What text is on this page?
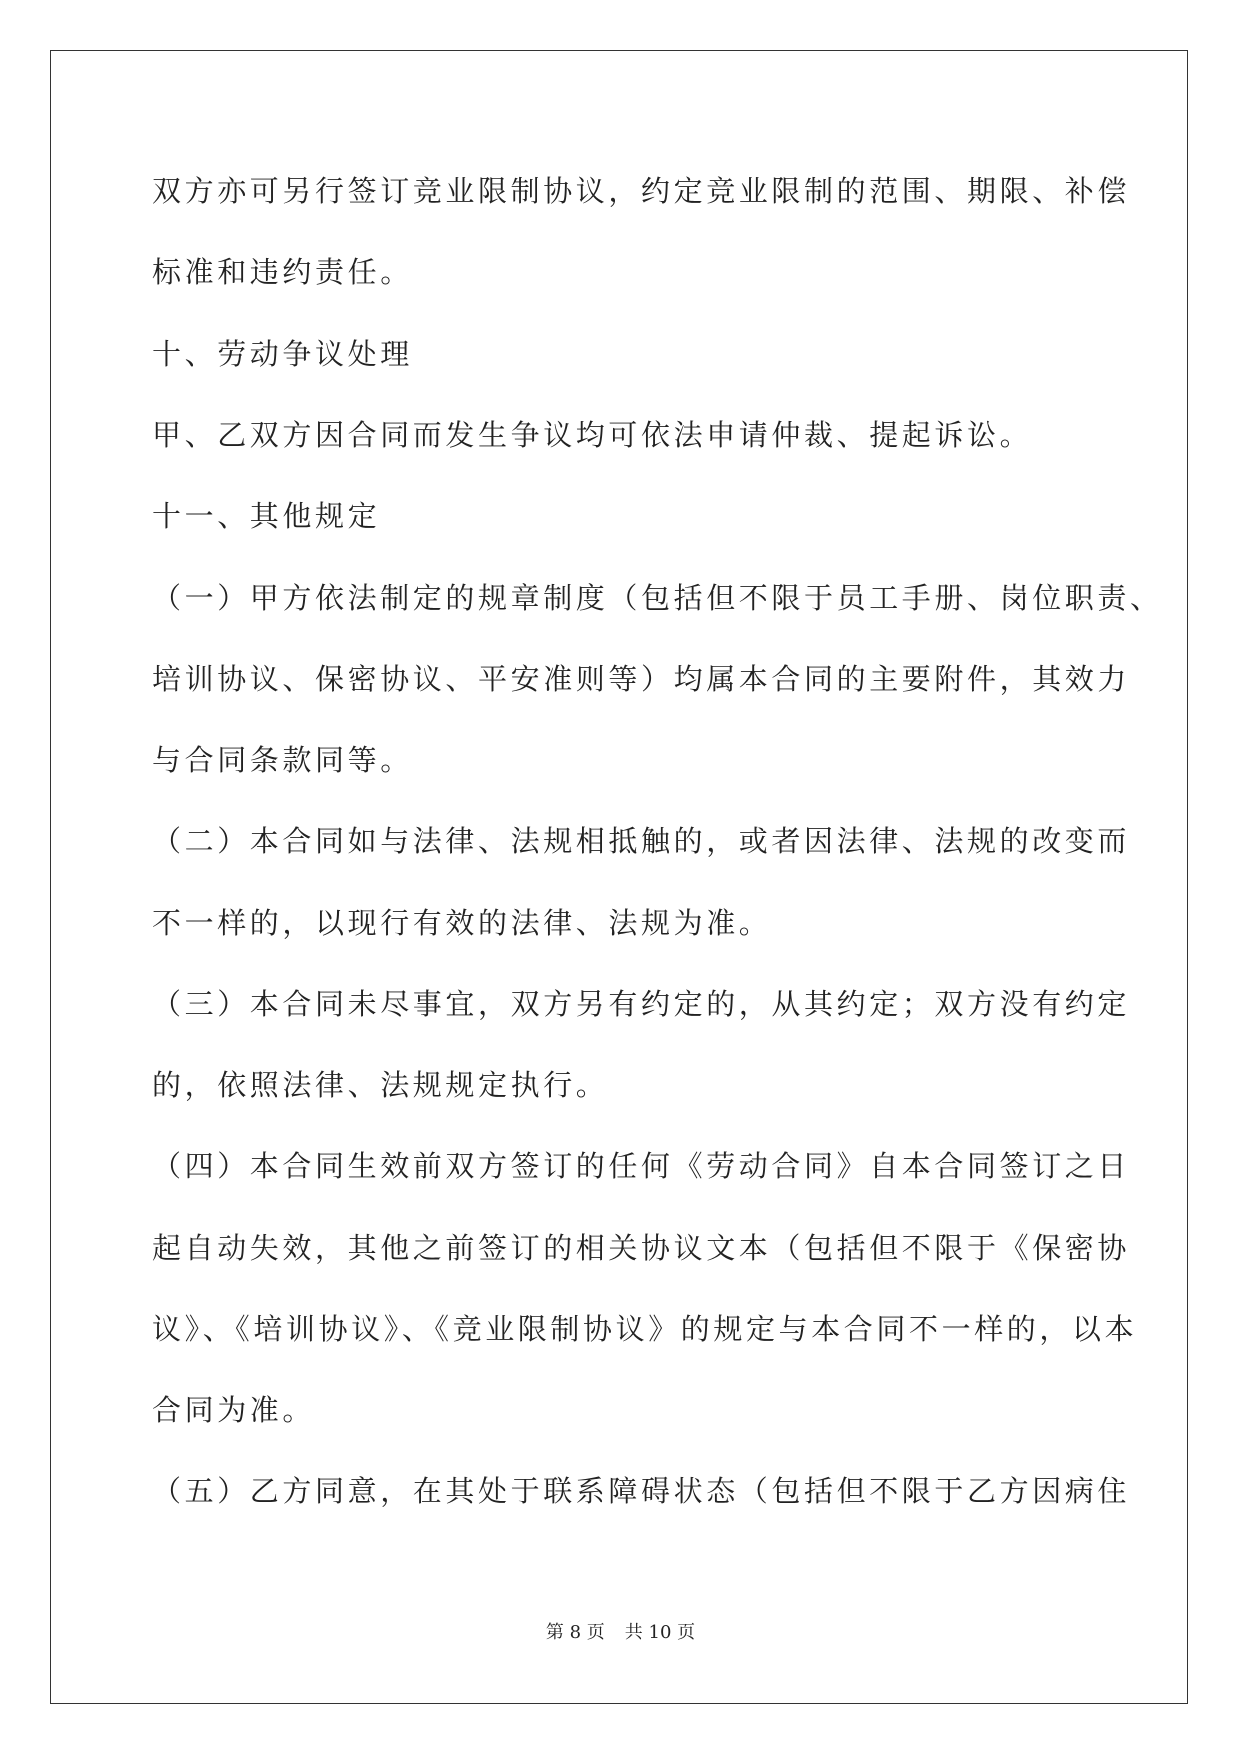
双方亦可另行签订竞业限制协议，约定竞业限制的范围、期限、补偿

标准和违约责任。

十、劳动争议处理

甲、乙双方因合同而发生争议均可依法申请仲裁、提起诉讼。

十一、其他规定

（一）甲方依法制定的规章制度（包括但不限于员工手册、岗位职责、

培训协议、保密协议、平安准则等）均属本合同的主要附件，其效力

与合同条款同等。

（二）本合同如与法律、法规相抵触的，或者因法律、法规的改变而

不一样的，以现行有效的法律、法规为准。

（三）本合同未尽事宜，双方另有约定的，从其约定；双方没有约定

的，依照法律、法规规定执行。

（四）本合同生效前双方签订的任何《劳动合同》自本合同签订之日

起自动失效，其他之前签订的相关协议文本（包括但不限于《保密协

议》、《培训协议》、《竞业限制协议》的规定与本合同不一样的，以本

合同为准。

（五）乙方同意，在其处于联系障碍状态（包括但不限于乙方因病住

第 8 页 共 10 页
